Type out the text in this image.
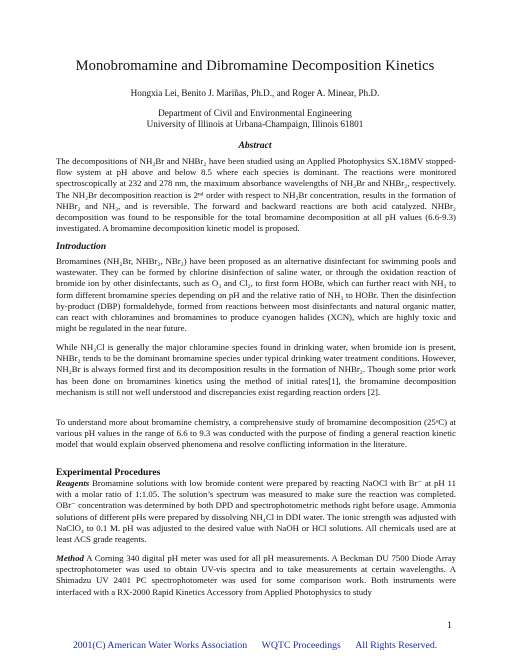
Monobromamine and Dibromamine Decomposition Kinetics
Hongxia Lei, Benito J. Mariñas, Ph.D., and Roger A. Minear, Ph.D.
Department of Civil and Environmental Engineering
University of Illinois at Urbana-Champaign, Illinois 61801
Abstract
The decompositions of NH₂Br and NHBr₂ have been studied using an Applied Photophysics SX.18MV stopped-flow system at pH above and below 8.5 where each species is dominant. The reactions were monitored spectroscopically at 232 and 278 nm, the maximum absorbance wavelengths of NH₂Br and NHBr₂, respectively. The NH₂Br decomposition reaction is 2ⁿᵈ order with respect to NH₂Br concentration, results in the formation of NHBr₂ and NH₃, and is reversible. The forward and backward reactions are both acid catalyzed. NHBr₂ decomposition was found to be responsible for the total bromamine decomposition at all pH values (6.6-9.3) investigated. A bromamine decomposition kinetic model is proposed.
Introduction
Bromamines (NH₂Br, NHBr₂, NBr₃) have been proposed as an alternative disinfectant for swimming pools and wastewater. They can be formed by chlorine disinfection of saline water, or through the oxidation reaction of bromide ion by other disinfectants, such as O₃ and Cl₂, to first form HOBr, which can further react with NH₃ to form different bromamine species depending on pH and the relative ratio of NH₃ to HOBr. Then the disinfection by-product (DBP) formaldehyde, formed from reactions between most disinfectants and natural organic matter, can react with chloramines and bromamines to produce cyanogen halides (XCN), which are highly toxic and might be regulated in the near future.
While NH₂Cl is generally the major chloramine species found in drinking water, when bromide ion is present, NHBr₂ tends to be the dominant bromamine species under typical drinking water treatment conditions. However, NH₂Br is always formed first and its decomposition results in the formation of NHBr₂. Though some prior work has been done on bromamines kinetics using the method of initial rates[1], the bromamine decomposition mechanism is still not well understood and discrepancies exist regarding reaction orders [2].
To understand more about bromamine chemistry, a comprehensive study of bromamine decomposition (25ᵒC) at various pH values in the range of 6.6 to 9.3 was conducted with the purpose of finding a general reaction kinetic model that would explain observed phenomena and resolve conflicting information in the literature.
Experimental Procedures
Reagents Bromamine solutions with low bromide content were prepared by reacting NaOCl with Br⁻ at pH 11 with a molar ratio of 1:1.05. The solution’s spectrum was measured to make sure the reaction was completed. OBr⁻ concentration was determined by both DPD and spectrophotometric methods right before usage. Ammonia solutions of different pHs were prepared by dissolving NH₄Cl in DDI water. The ionic strength was adjusted with NaClO₄ to 0.1 M. pH was adjusted to the desired value with NaOH or HCl solutions. All chemicals used are at least ACS grade reagents.
Method A Corning 340 digital pH meter was used for all pH measurements. A Beckman DU 7500 Diode Array spectrophotometer was used to obtain UV-vis spectra and to take measurements at certain wavelengths. A Shimadzu UV 2401 PC spectrophotometer was used for some comparison work. Both instruments were interfaced with a RX-2000 Rapid Kinetics Accessory from Applied Photophysics to study
1
2001(C) American Water Works Association WQTC Proceedings All Rights Reserved.
